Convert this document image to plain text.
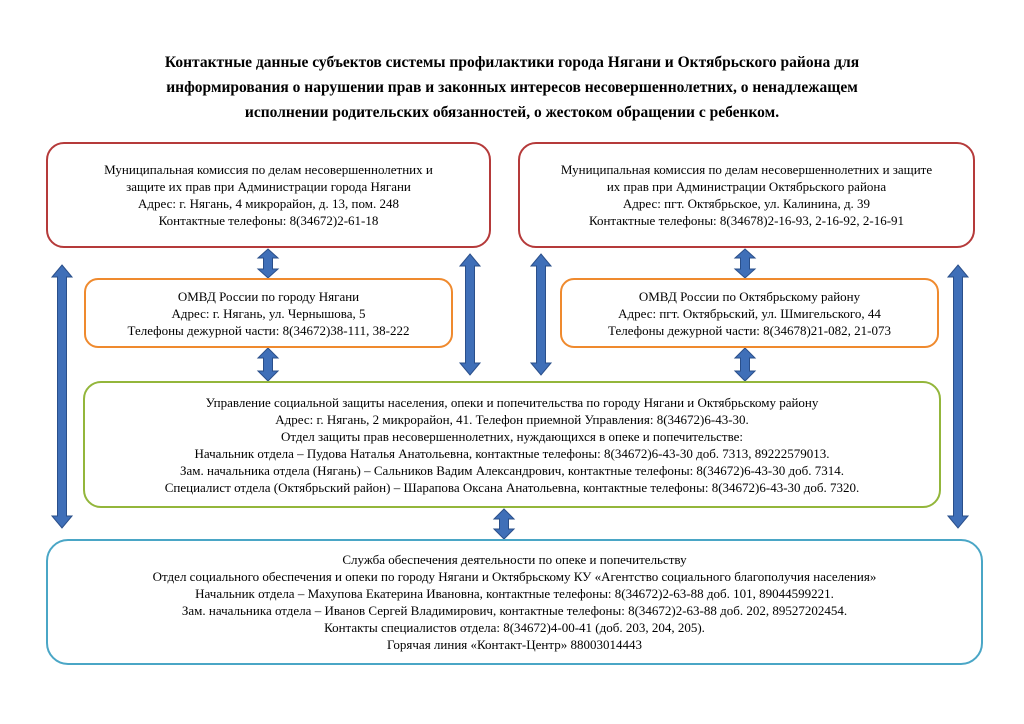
Контактные данные субъектов системы профилактики города Нягани и Октябрьского района для
информирования о нарушении прав и законных интересов несовершеннолетних, о ненадлежащем
исполнении родительских обязанностей, о жестоком обращении с ребенком.
Муниципальная комиссия по делам несовершеннолетних и
защите их прав при Администрации города Нягани
Адрес: г. Нягань, 4 микрорайон, д. 13, пом. 248
Контактные телефоны: 8(34672)2-61-18
Муниципальная комиссия по делам несовершеннолетних и защите
их прав при Администрации Октябрьского района
Адрес: пгт. Октябрьское, ул. Калинина, д. 39
Контактные телефоны: 8(34678)2-16-93, 2-16-92, 2-16-91
ОМВД России по городу Нягани
Адрес: г. Нягань, ул. Чернышова, 5
Телефоны дежурной части: 8(34672)38-111, 38-222
ОМВД России по Октябрьскому району
Адрес: пгт. Октябрьский, ул. Шмигельского, 44
Телефоны дежурной части: 8(34678)21-082, 21-073
Управление социальной защиты населения, опеки и попечительства по городу Нягани и Октябрьскому району
Адрес: г. Нягань, 2 микрорайон, 41. Телефон приемной Управления: 8(34672)6-43-30.
Отдел защиты прав несовершеннолетних, нуждающихся в опеке и попечительстве:
Начальник отдела – Пудова Наталья Анатольевна, контактные телефоны: 8(34672)6-43-30 доб. 7313, 89222579013.
Зам. начальника отдела (Нягань) – Сальников Вадим Александрович, контактные телефоны: 8(34672)6-43-30 доб. 7314.
Специалист отдела (Октябрьский район) – Шарапова Оксана Анатольевна, контактные телефоны: 8(34672)6-43-30 доб. 7320.
Служба обеспечения деятельности по опеке и попечительству
Отдел социального обеспечения и опеки по городу Нягани и Октябрьскому КУ «Агентство социального благополучия населения»
Начальник отдела – Махупова Екатерина Ивановна, контактные телефоны: 8(34672)2-63-88 доб. 101, 89044599221.
Зам. начальника отдела – Иванов Сергей Владимирович, контактные телефоны: 8(34672)2-63-88 доб. 202, 89527202454.
Контакты специалистов отдела: 8(34672)4-00-41 (доб. 203, 204, 205).
Горячая линия «Контакт-Центр» 88003014443
